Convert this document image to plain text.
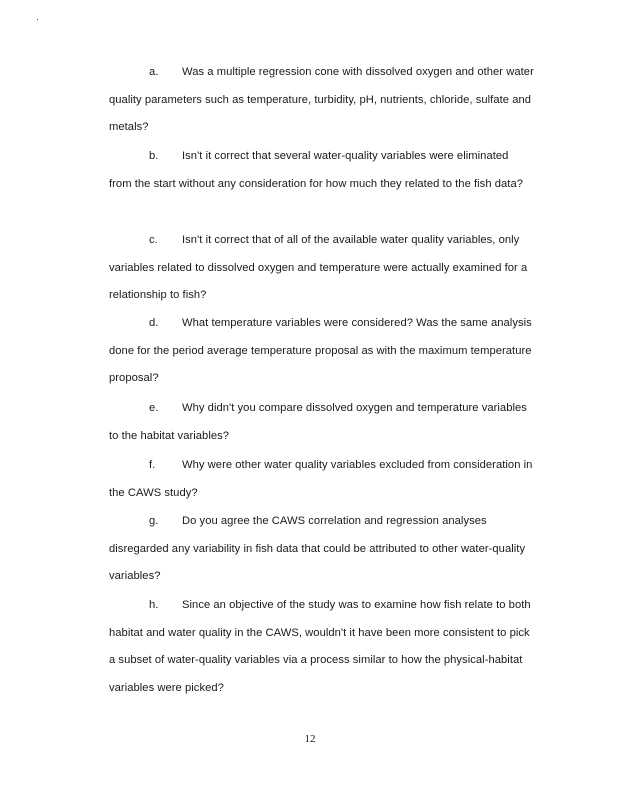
a. Was a multiple regression cone with dissolved oxygen and other water quality parameters such as temperature, turbidity, pH, nutrients, chloride, sulfate and metals?

b. Isn't it correct that several water-quality variables were eliminated from the start without any consideration for how much they related to the fish data?

c. Isn't it correct that of all of the available water quality variables, only variables related to dissolved oxygen and temperature were actually examined for a relationship to fish?

d. What temperature variables were considered? Was the same analysis done for the period average temperature proposal as with the maximum temperature proposal?

e. Why didn't you compare dissolved oxygen and temperature variables to the habitat variables?

f. Why were other water quality variables excluded from consideration in the CAWS study?

g. Do you agree the CAWS correlation and regression analyses disregarded any variability in fish data that could be attributed to other water-quality variables?

h. Since an objective of the study was to examine how fish relate to both habitat and water quality in the CAWS, wouldn't it have been more consistent to pick a subset of water-quality variables via a process similar to how the physical-habitat variables were picked?

12
